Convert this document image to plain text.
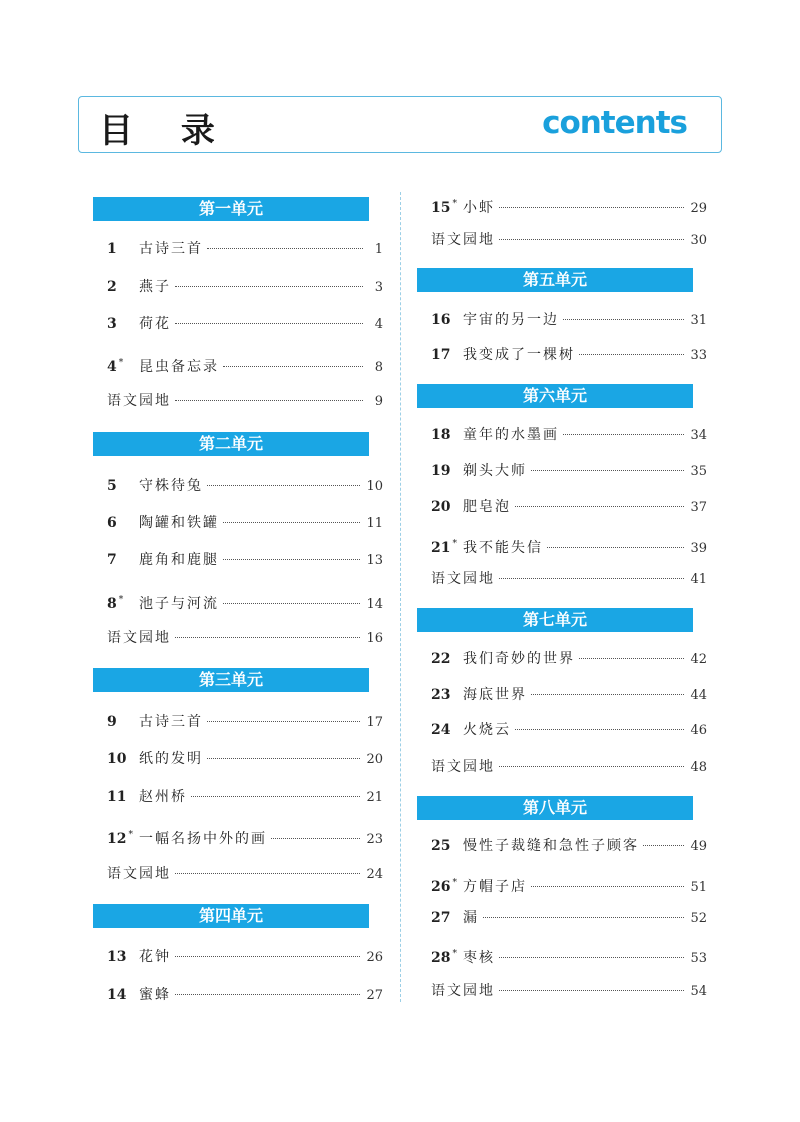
目 录	contents
第一单元
第二单元
第三单元
第四单元
1	古诗三首	1
2	燕子	3
3	荷花	4
4 *	昆虫备忘录	8
语文园地	9
5	守株待兔	10
6	陶罐和铁罐	11
7	鹿角和鹿腿	13
8 *	池子与河流	14
语文园地	16
9	古诗三首	17
10 纸的发明	20
11 赵州桥	21
12 * 一幅名扬中外的画	23
语文园地	24
13 花钟	26
14 蜜蜂	27
第五单元
第六单元
第七单元
第八单元
15 * 小虾	29
语文园地	30
16 宇宙的另一边	31
17 我变成了一棵树	33
18 童年的水墨画	34
19 剃头大师	35
20 肥皂泡	37
21 * 我不能失信	39
语文园地	41
22 我们奇妙的世界	42
23 海底世界	44
24 火烧云	46
语文园地	48
25 慢性子裁缝和急性子顾客	49
26 * 方帽子店	51
27 漏	52
28 * 枣核	53
语文园地	54
